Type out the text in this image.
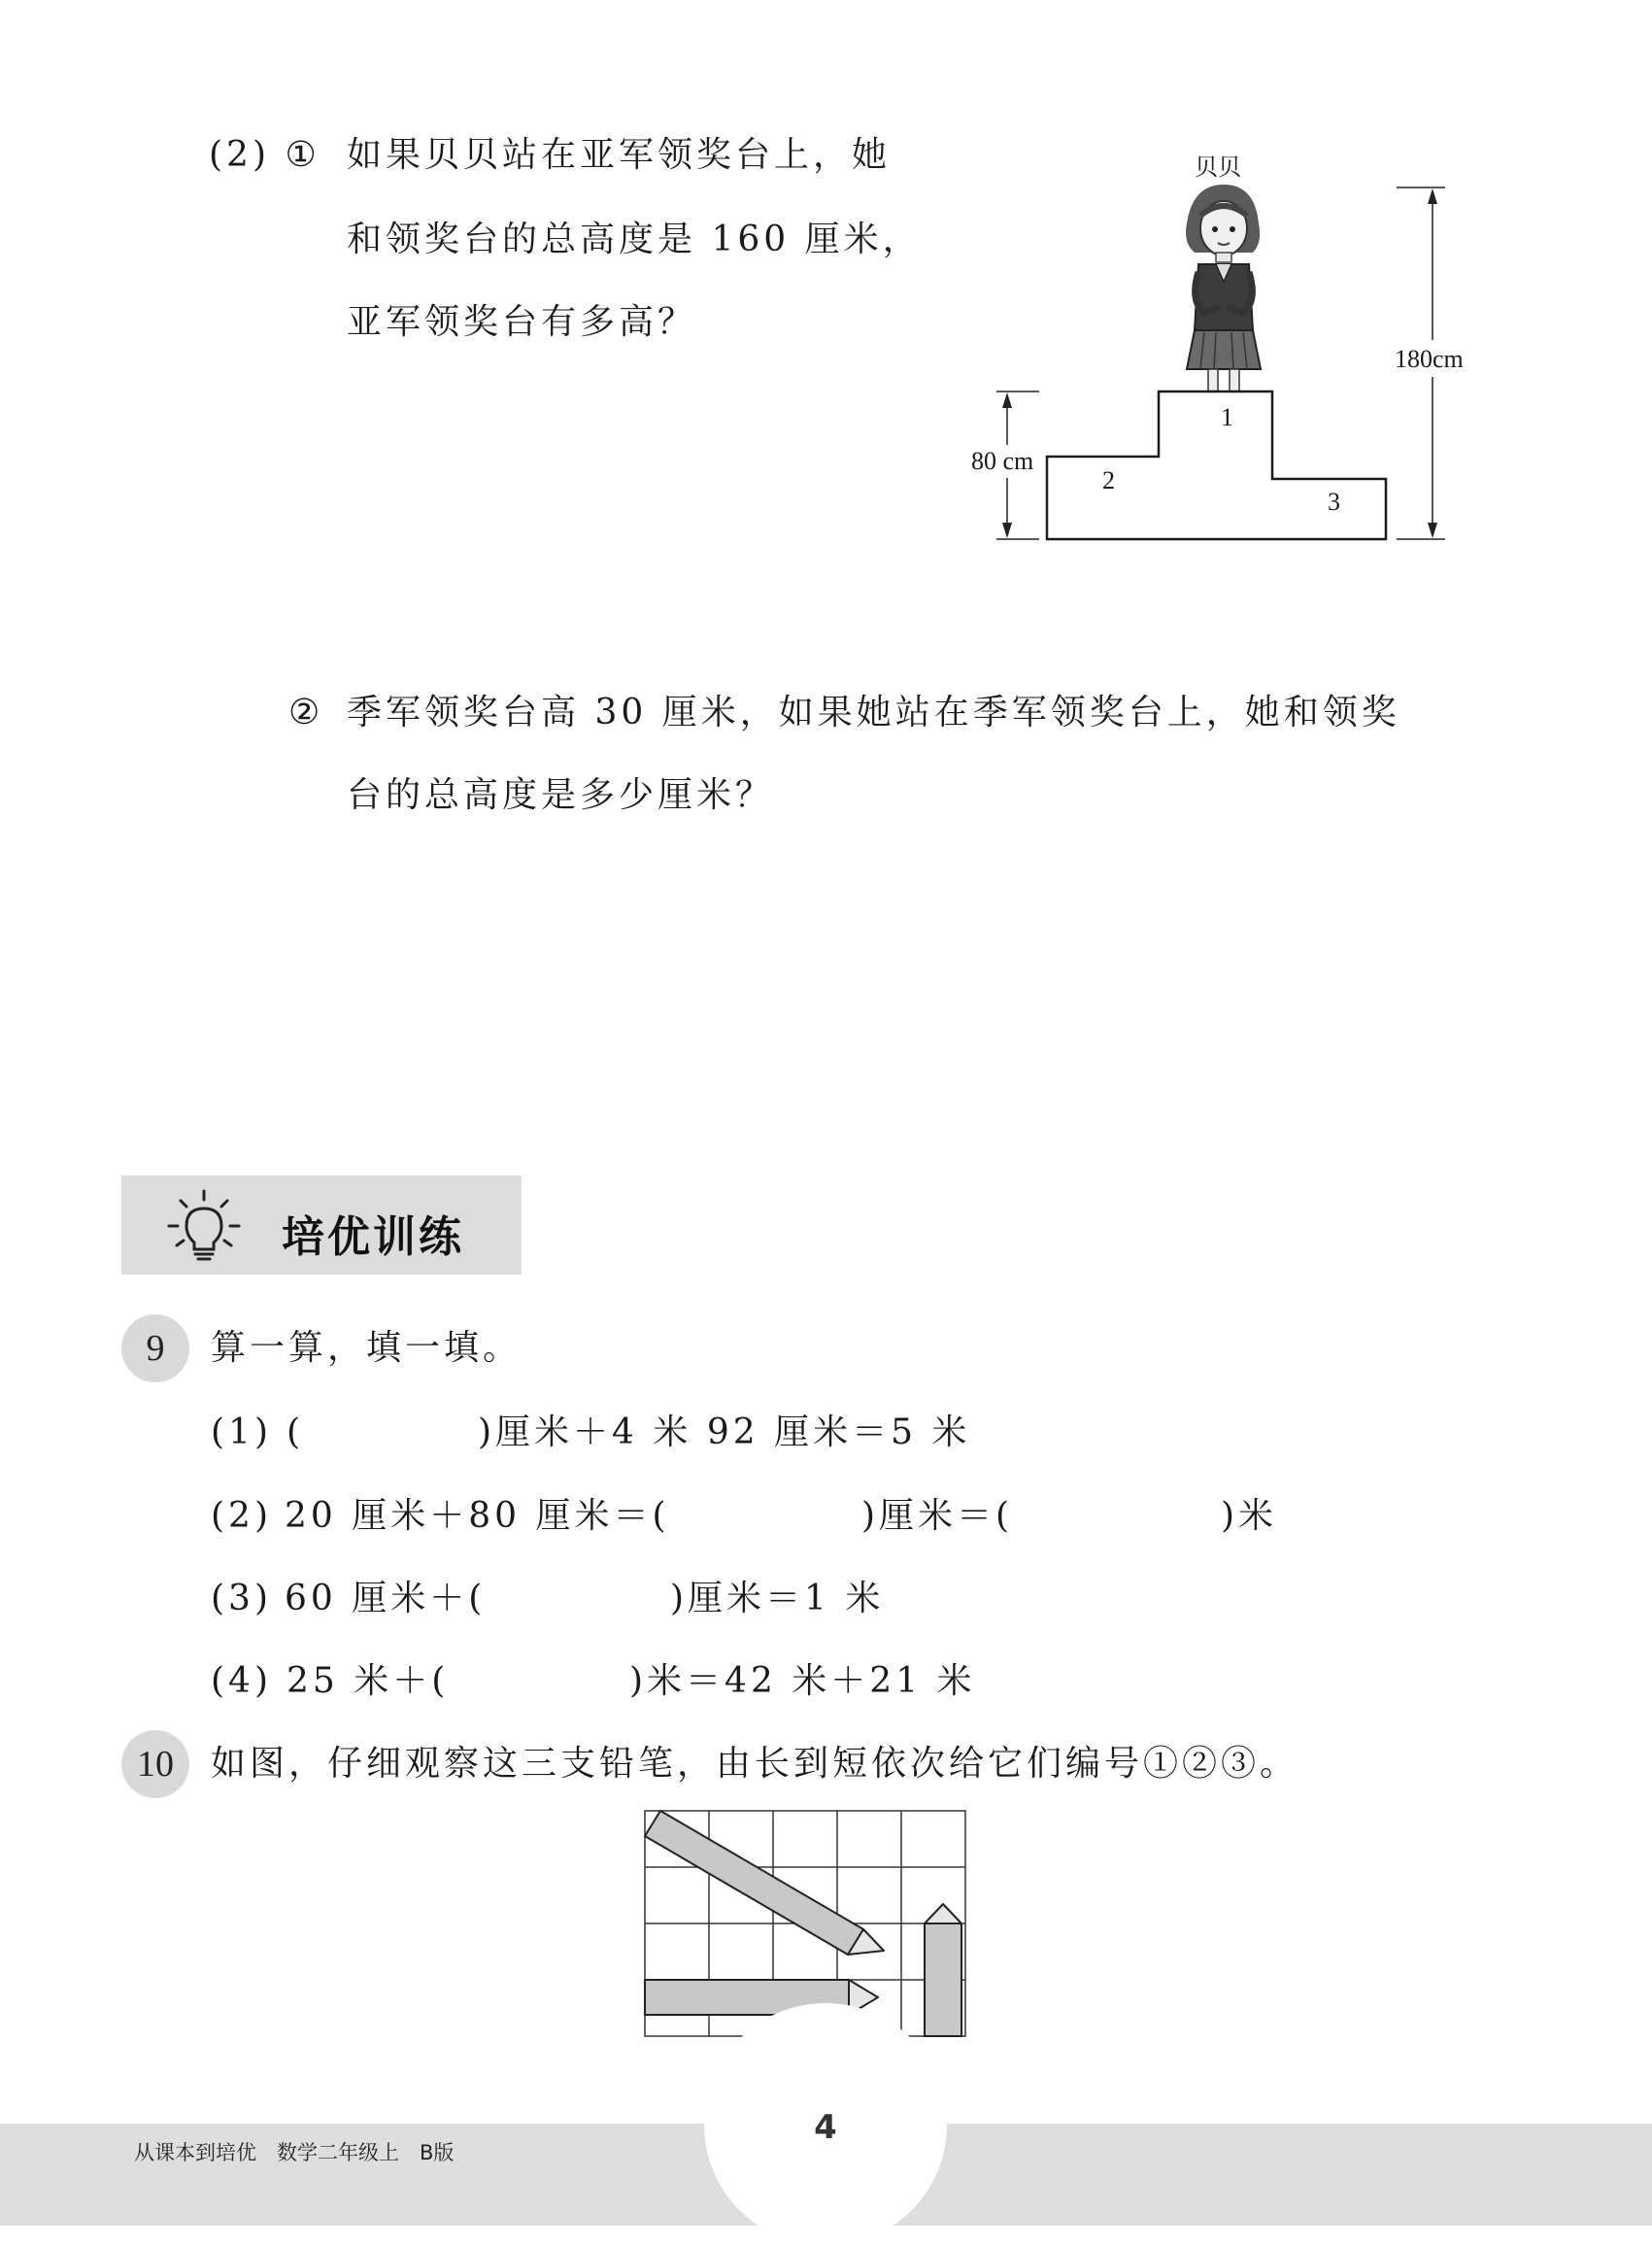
(2) ① 如果贝贝站在亚军领奖台上，她
和领奖台的总高度是 160 厘米，
亚军领奖台有多高？
贝贝
80 cm
180cm
1
2
3
② 季军领奖台高 30 厘米，如果她站在季军领奖台上，她和领奖
台的总高度是多少厘米？
培优训练
9	算一算，填一填。
(1) (	)厘米＋4 米 92 厘米＝5 米
(2) 20 厘米＋80 厘米＝(	)厘米＝(	)米
(3) 60 厘米＋(	)厘米＝1 米
(4) 25 米＋(	)米＝42 米＋21 米
10	如图，仔细观察这三支铅笔，由长到短依次给它们编号①②③。
从课本到培优　数学二年级上　B版
4
